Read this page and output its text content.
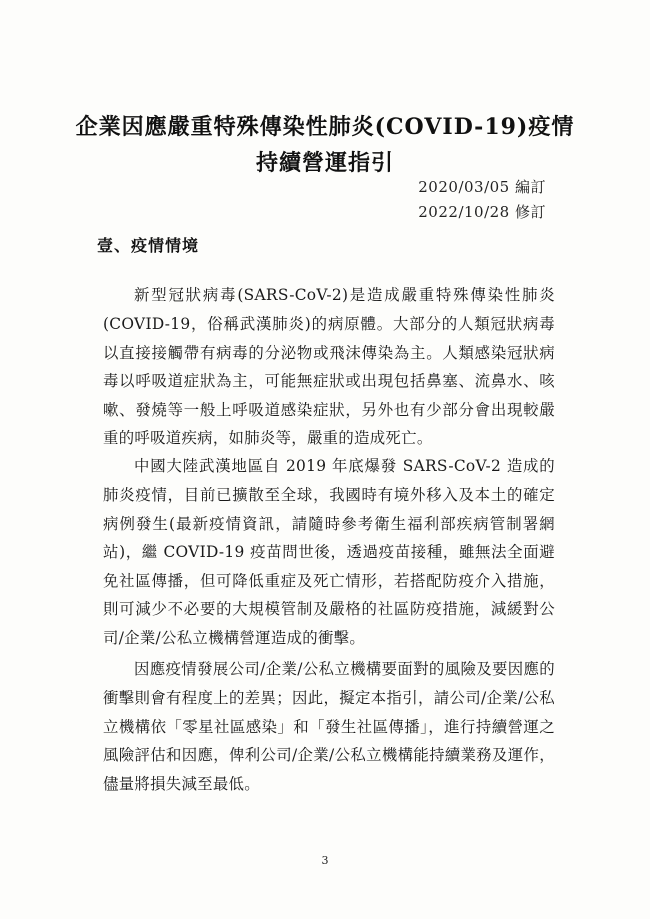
企業因應嚴重特殊傳染性肺炎(COVID-19)疫情
持續營運指引
2020/03/05 編訂
2022/10/28 修訂
壹、疫情情境

新型冠狀病毒(SARS-CoV-2)是造成嚴重特殊傳染性肺炎(COVID-19，俗稱武漢肺炎)的病原體。大部分的人類冠狀病毒以直接接觸帶有病毒的分泌物或飛沫傳染為主。人類感染冠狀病毒以呼吸道症狀為主，可能無症狀或出現包括鼻塞、流鼻水、咳嗽、發燒等一般上呼吸道感染症狀，另外也有少部分會出現較嚴重的呼吸道疾病，如肺炎等，嚴重的造成死亡。

中國大陸武漢地區自 2019 年底爆發 SARS-CoV-2 造成的肺炎疫情，目前已擴散至全球，我國時有境外移入及本土的確定病例發生(最新疫情資訊，請隨時參考衛生福利部疾病管制署網站)，繼 COVID-19 疫苗問世後，透過疫苗接種，雖無法全面避免社區傳播，但可降低重症及死亡情形，若搭配防疫介入措施，則可減少不必要的大規模管制及嚴格的社區防疫措施，減緩對公司/企業/公私立機構營運造成的衝擊。

因應疫情發展公司/企業/公私立機構要面對的風險及要因應的衝擊則會有程度上的差異；因此，擬定本指引，請公司/企業/公私立機構依「零星社區感染」和「發生社區傳播」，進行持續營運之風險評估和因應，俾利公司/企業/公私立機構能持續業務及運作，儘量將損失減至最低。

3
